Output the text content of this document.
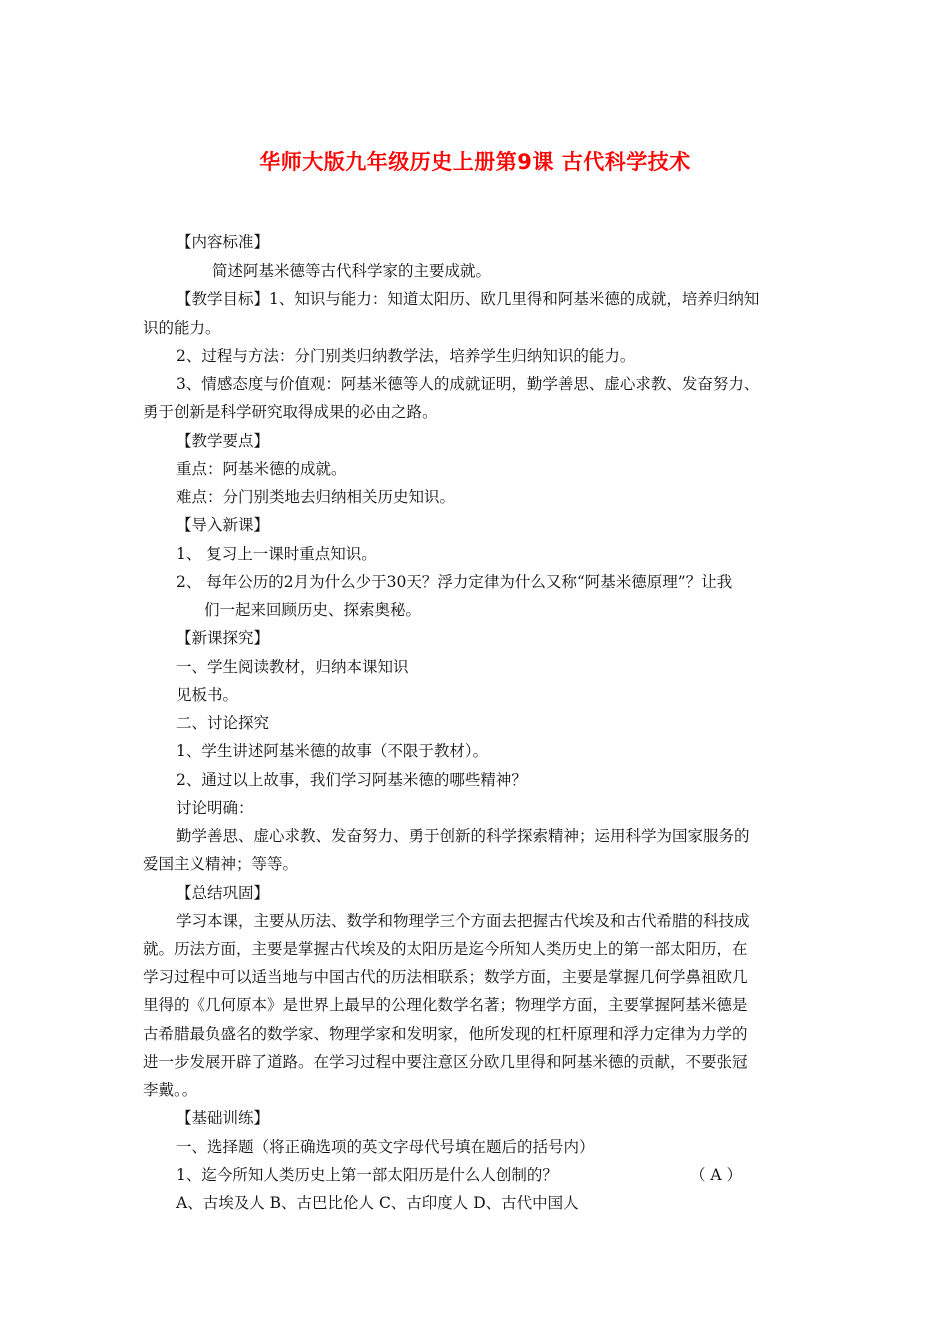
华师大版九年级历史上册第9课 古代科学技术
【内容标准】
简述阿基米德等古代科学家的主要成就。
【教学目标】1、知识与能力：知道太阳历、欧几里得和阿基米德的成就，培养归纳知
识的能力。
2、过程与方法：分门别类归纳教学法，培养学生归纳知识的能力。
3、情感态度与价值观：阿基米德等人的成就证明，勤学善思、虚心求教、发奋努力、
勇于创新是科学研究取得成果的必由之路。
【教学要点】
重点：阿基米德的成就。
难点：分门别类地去归纳相关历史知识。
【导入新课】
1、 复习上一课时重点知识。
2、 每年公历的2月为什么少于30天？浮力定律为什么又称“阿基米德原理”？让我
们一起来回顾历史、探索奥秘。
【新课探究】
一、学生阅读教材，归纳本课知识
见板书。
二、讨论探究
1、学生讲述阿基米德的故事（不限于教材）。
2、通过以上故事，我们学习阿基米德的哪些精神？
讨论明确：
勤学善思、虚心求教、发奋努力、勇于创新的科学探索精神；运用科学为国家服务的
爱国主义精神；等等。
【总结巩固】
学习本课，主要从历法、数学和物理学三个方面去把握古代埃及和古代希腊的科技成
就。历法方面，主要是掌握古代埃及的太阳历是迄今所知人类历史上的第一部太阳历，在
学习过程中可以适当地与中国古代的历法相联系；数学方面，主要是掌握几何学鼻祖欧几
里得的《几何原本》是世界上最早的公理化数学名著；物理学方面，主要掌握阿基米德是
古希腊最负盛名的数学家、物理学家和发明家，他所发现的杠杆原理和浮力定律为力学的
进一步发展开辟了道路。在学习过程中要注意区分欧几里得和阿基米德的贡献，不要张冠
李戴。。
【基础训练】
一、选择题（将正确选项的英文字母代号填在题后的括号内）
1、迄今所知人类历史上第一部太阳历是什么人创制的？	（ A ）
A、古埃及人 B、古巴比伦人 C、古印度人 D、古代中国人
